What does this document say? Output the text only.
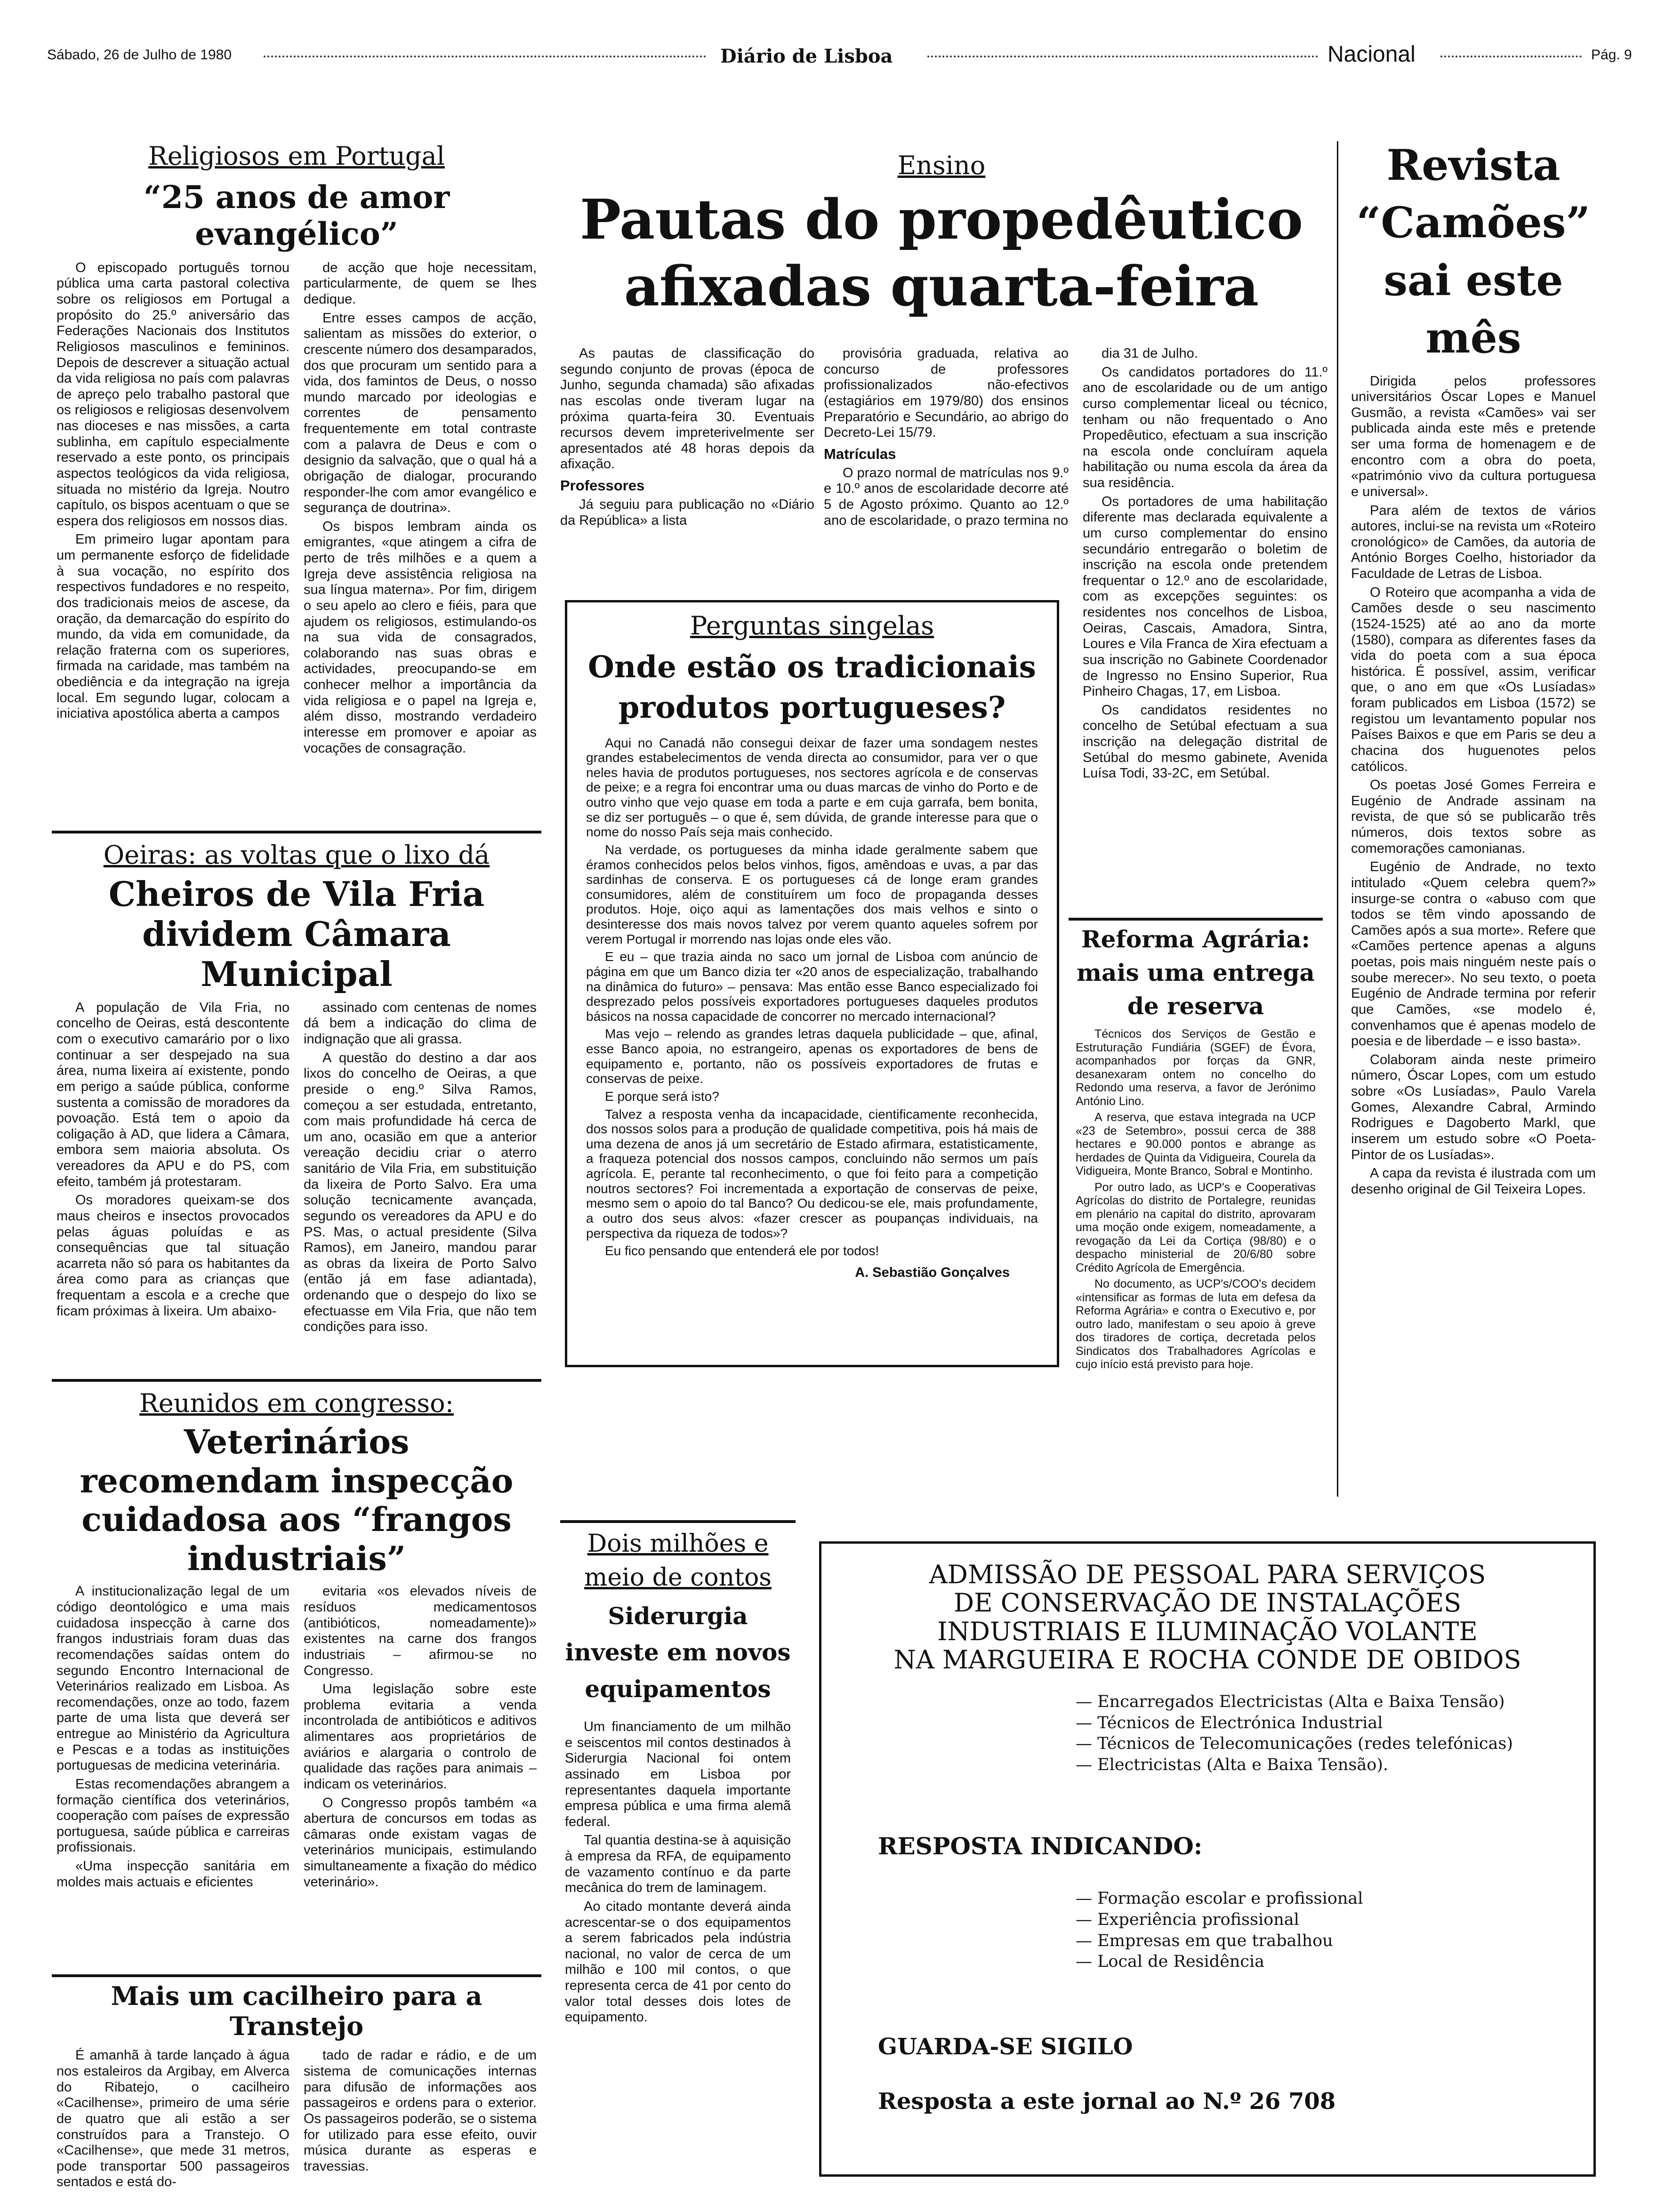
Sábado, 26 de Julho de 1980	Diário de Lisboa	Nacional	Pág. 9
Religiosos em Portugal
“25 anos de amor evangélico”

O episcopado português tornou pública uma carta pastoral colectiva sobre os religiosos em Portugal a propósito do 25.º aniversário das Federações Nacionais dos Institutos Religiosos masculinos e femininos. Depois de descrever a situação actual da vida religiosa no país com palavras de apreço pelo trabalho pastoral que os religiosos e religiosas desenvolvem nas dioceses e nas missões, a carta sublinha, em capítulo especialmente reservado a este ponto, os principais aspectos teológicos da vida religiosa, situada no mistério da Igreja. Noutro capítulo, os bispos acentuam o que se espera dos religiosos em nossos dias.

Em primeiro lugar apontam para um permanente esforço de fidelidade à sua vocação, no espírito dos respectivos fundadores e no respeito, dos tradicionais meios de ascese, da oração, da demarcação do espírito do mundo, da vida em comunidade, da relação fraterna com os superiores, firmada na caridade, mas também na obediência e da integração na igreja local. Em segundo lugar, colocam a iniciativa apostólica aberta a campos

de acção que hoje necessitam, particularmente, de quem se lhes dedique.

Entre esses campos de acção, salientam as missões do exterior, o crescente número dos desamparados, dos que procuram um sentido para a vida, dos famintos de Deus, o nosso mundo marcado por ideologias e correntes de pensamento frequentemente em total contraste com a palavra de Deus e com o designio da salvação, que o qual há a obrigação de dialogar, procurando responder-lhe com amor evangélico e segurança de doutrina».

Os bispos lembram ainda os emigrantes, «que atingem a cifra de perto de três milhões e a quem a Igreja deve assistência religiosa na sua língua materna». Por fim, dirigem o seu apelo ao clero e fiéis, para que ajudem os religiosos, estimulando-os na sua vida de consagrados, colaborando nas suas obras e actividades, preocupando-se em conhecer melhor a importância da vida religiosa e o papel na Igreja e, além disso, mostrando verdadeiro interesse em promover e apoiar as vocações de consagração.

Oeiras: as voltas que o lixo dá
Cheiros de Vila Fria dividem Câmara Municipal

A população de Vila Fria, no concelho de Oeiras, está descontente com o executivo camarário por o lixo continuar a ser despejado na sua área, numa lixeira aí existente, pondo em perigo a saúde pública, conforme sustenta a comissão de moradores da povoação. Está tem o apoio da coligação à AD, que lidera a Câmara, embora sem maioria absoluta. Os vereadores da APU e do PS, com efeito, também já protestaram.

Os moradores queixam-se dos maus cheiros e insectos provocados pelas águas poluídas e as consequências que tal situação acarreta não só para os habitantes da área como para as crianças que frequentam a escola e a creche que ficam próximas à lixeira. Um abaixo-

assinado com centenas de nomes dá bem a indicação do clima de indignação que ali grassa.

A questão do destino a dar aos lixos do concelho de Oeiras, a que preside o eng.º Silva Ramos, começou a ser estudada, entretanto, com mais profundidade há cerca de um ano, ocasião em que a anterior vereação decidiu criar o aterro sanitário de Vila Fria, em substituição da lixeira de Porto Salvo. Era uma solução tecnicamente avançada, segundo os vereadores da APU e do PS. Mas, o actual presidente (Silva Ramos), em Janeiro, mandou parar as obras da lixeira de Porto Salvo (então já em fase adiantada), ordenando que o despejo do lixo se efectuasse em Vila Fria, que não tem condições para isso.

Reunidos em congresso:
Veterinários recomendam inspecção cuidadosa aos “frangos industriais”

A institucionalização legal de um código deontológico e uma mais cuidadosa inspecção à carne dos frangos industriais foram duas das recomendações saídas ontem do segundo Encontro Internacional de Veterinários realizado em Lisboa. As recomendações, onze ao todo, fazem parte de uma lista que deverá ser entregue ao Ministério da Agricultura e Pescas e a todas as instituições portuguesas de medicina veterinária.

Estas recomendações abrangem a formação científica dos veterinários, cooperação com países de expressão portuguesa, saúde pública e carreiras profissionais.

«Uma inspecção sanitária em moldes mais actuais e eficientes

evitaria «os elevados níveis de resíduos medicamentosos (antibióticos, nomeadamente)» existentes na carne dos frangos industriais – afirmou-se no Congresso.

Uma legislação sobre este problema evitaria a venda incontrolada de antibióticos e aditivos alimentares aos proprietários de aviários e alargaria o controlo de qualidade das rações para animais – indicam os veterinários.

O Congresso propôs também «a abertura de concursos em todas as câmaras onde existam vagas de veterinários municipais, estimulando simultaneamente a fixação do médico veterinário».

Mais um cacilheiro para a Transtejo

É amanhã à tarde lançado à água nos estaleiros da Argibay, em Alverca do Ribatejo, o cacilheiro «Cacilhense», primeiro de uma série de quatro que ali estão a ser construídos para a Transtejo. O «Cacilhense», que mede 31 metros, pode transportar 500 passageiros sentados e está do-

tado de radar e rádio, e de um sistema de comunicações internas para difusão de informações aos passageiros e ordens para o exterior. Os passageiros poderão, se o sistema for utilizado para esse efeito, ouvir música durante as esperas e travessias.

Ensino
Pautas do propedêutico afixadas quarta-feira

As pautas de classificação do segundo conjunto de provas (época de Junho, segunda chamada) são afixadas nas escolas onde tiveram lugar na próxima quarta-feira 30. Eventuais recursos devem impreterivelmente ser apresentados até 48 horas depois da afixação.

Professores

Já seguiu para publicação no «Diário da República» a lista

provisória graduada, relativa ao concurso de professores profissionalizados não-efectivos (estagiários em 1979/80) dos ensinos Preparatório e Secundário, ao abrigo do Decreto-Lei 15/79.

Matrículas

O prazo normal de matrículas nos 9.º e 10.º anos de escolaridade decorre até 5 de Agosto próximo. Quanto ao 12.º ano de escolaridade, o prazo termina no

dia 31 de Julho.

Os candidatos portadores do 11.º ano de escolaridade ou de um antigo curso complementar liceal ou técnico, tenham ou não frequentado o Ano Propedêutico, efectuam a sua inscrição na escola onde concluíram aquela habilitação ou numa escola da área da sua residência.

Os portadores de uma habilitação diferente mas declarada equivalente a um curso complementar do ensino secundário entregarão o boletim de inscrição na escola onde pretendem frequentar o 12.º ano de escolaridade, com as excepções seguintes: os residentes nos concelhos de Lisboa, Oeiras, Cascais, Amadora, Sintra, Loures e Vila Franca de Xira efectuam a sua inscrição no Gabinete Coordenador de Ingresso no Ensino Superior, Rua Pinheiro Chagas, 17, em Lisboa.

Os candidatos residentes no concelho de Setúbal efectuam a sua inscrição na delegação distrital de Setúbal do mesmo gabinete, Avenida Luísa Todi, 33-2C, em Setúbal.

Perguntas singelas
Onde estão os tradicionais produtos portugueses?

Aqui no Canadá não consegui deixar de fazer uma sondagem nestes grandes estabelecimentos de venda directa ao consumidor, para ver o que neles havia de produtos portugueses, nos sectores agrícola e de conservas de peixe; e a regra foi encontrar uma ou duas marcas de vinho do Porto e de outro vinho que vejo quase em toda a parte e em cuja garrafa, bem bonita, se diz ser português – o que é, sem dúvida, de grande interesse para que o nome do nosso País seja mais conhecido.

Na verdade, os portugueses da minha idade geralmente sabem que éramos conhecidos pelos belos vinhos, figos, amêndoas e uvas, a par das sardinhas de conserva. E os portugueses cá de longe eram grandes consumidores, além de constituírem um foco de propaganda desses produtos. Hoje, oiço aqui as lamentações dos mais velhos e sinto o desinteresse dos mais novos talvez por verem quanto aqueles sofrem por verem Portugal ir morrendo nas lojas onde eles vão.

E eu – que trazia ainda no saco um jornal de Lisboa com anúncio de página em que um Banco dizia ter «20 anos de especialização, trabalhando na dinâmica do futuro» – pensava: Mas então esse Banco especializado foi desprezado pelos possíveis exportadores portugueses daqueles produtos básicos na nossa capacidade de concorrer no mercado internacional?

Mas vejo – relendo as grandes letras daquela publicidade – que, afinal, esse Banco apoia, no estrangeiro, apenas os exportadores de bens de equipamento e, portanto, não os possíveis exportadores de frutas e conservas de peixe.

E porque será isto?

Talvez a resposta venha da incapacidade, cientificamente reconhecida, dos nossos solos para a produção de qualidade competitiva, pois há mais de uma dezena de anos já um secretário de Estado afirmara, estatisticamente, a fraqueza potencial dos nossos campos, concluindo não sermos um país agrícola. E, perante tal reconhecimento, o que foi feito para a competição noutros sectores? Foi incrementada a exportação de conservas de peixe, mesmo sem o apoio do tal Banco? Ou dedicou-se ele, mais profundamente, a outro dos seus alvos: «fazer crescer as poupanças individuais, na perspectiva da riqueza de todos»?

Eu fico pensando que entenderá ele por todos!

A. Sebastião Gonçalves
Reforma Agrária: mais uma entrega de reserva

Técnicos dos Serviços de Gestão e Estruturação Fundiária (SGEF) de Évora, acompanhados por forças da GNR, desanexaram ontem no concelho do Redondo uma reserva, a favor de Jerónimo António Lino.

A reserva, que estava integrada na UCP «23 de Setembro», possui cerca de 388 hectares e 90.000 pontos e abrange as herdades de Quinta da Vidigueira, Courela da Vidigueira, Monte Branco, Sobral e Montinho.

Por outro lado, as UCP's e Cooperativas Agrícolas do distrito de Portalegre, reunidas em plenário na capital do distrito, aprovaram uma moção onde exigem, nomeadamente, a revogação da Lei da Cortiça (98/80) e o despacho ministerial de 20/6/80 sobre Crédito Agrícola de Emergência.

No documento, as UCP's/COO's decidem «intensificar as formas de luta em defesa da Reforma Agrária» e contra o Executivo e, por outro lado, manifestam o seu apoio à greve dos tiradores de cortiça, decretada pelos Sindicatos dos Trabalhadores Agrícolas e cujo início está previsto para hoje.

Revista “Camões” sai este mês

Dirigida pelos professores universitários Óscar Lopes e Manuel Gusmão, a revista «Camões» vai ser publicada ainda este mês e pretende ser uma forma de homenagem e de encontro com a obra do poeta, «património vivo da cultura portuguesa e universal».

Para além de textos de vários autores, inclui-se na revista um «Roteiro cronológico» de Camões, da autoria de António Borges Coelho, historiador da Faculdade de Letras de Lisboa.

O Roteiro que acompanha a vida de Camões desde o seu nascimento (1524-1525) até ao ano da morte (1580), compara as diferentes fases da vida do poeta com a sua época histórica. É possível, assim, verificar que, o ano em que «Os Lusíadas» foram publicados em Lisboa (1572) se registou um levantamento popular nos Países Baixos e que em Paris se deu a chacina dos huguenotes pelos católicos.

Os poetas José Gomes Ferreira e Eugénio de Andrade assinam na revista, de que só se publicarão três números, dois textos sobre as comemorações camonianas.

Eugénio de Andrade, no texto intitulado «Quem celebra quem?» insurge-se contra o «abuso com que todos se têm vindo apossando de Camões após a sua morte». Refere que «Camões pertence apenas a alguns poetas, pois mais ninguém neste país o soube merecer». No seu texto, o poeta Eugénio de Andrade termina por referir que Camões, «se modelo é, convenhamos que é apenas modelo de poesia e de liberdade – e isso basta».

Colaboram ainda neste primeiro número, Óscar Lopes, com um estudo sobre «Os Lusíadas», Paulo Varela Gomes, Alexandre Cabral, Armindo Rodrigues e Dagoberto Markl, que inserem um estudo sobre «O Poeta-Pintor de os Lusíadas».

A capa da revista é ilustrada com um desenho original de Gil Teixeira Lopes.

Dois milhões e meio de contos
Siderurgia investe em novos equipamentos

Um financiamento de um milhão e seiscentos mil contos destinados à Siderurgia Nacional foi ontem assinado em Lisboa por representantes daquela importante empresa pública e uma firma alemã federal.

Tal quantia destina-se à aquisição à empresa da RFA, de equipamento de vazamento contínuo e da parte mecânica do trem de laminagem.

Ao citado montante deverá ainda acrescentar-se o dos equipamentos a serem fabricados pela indústria nacional, no valor de cerca de um milhão e 100 mil contos, o que representa cerca de 41 por cento do valor total desses dois lotes de equipamento.

ADMISSÃO DE PESSOAL PARA SERVIÇOS
DE CONSERVAÇÃO DE INSTALAÇÕES
INDUSTRIAIS E ILUMINAÇÃO VOLANTE
NA MARGUEIRA E ROCHA CONDE DE OBIDOS
— Encarregados Electricistas (Alta e Baixa Tensão)
— Técnicos de Electrónica Industrial
— Técnicos de Telecomunicações (redes telefónicas)
— Electricistas (Alta e Baixa Tensão).
RESPOSTA INDICANDO:
— Formação escolar e profissional
— Experiência profissional
— Empresas em que trabalhou
— Local de Residência
GUARDA-SE SIGILO
Resposta a este jornal ao N.º 26 708
